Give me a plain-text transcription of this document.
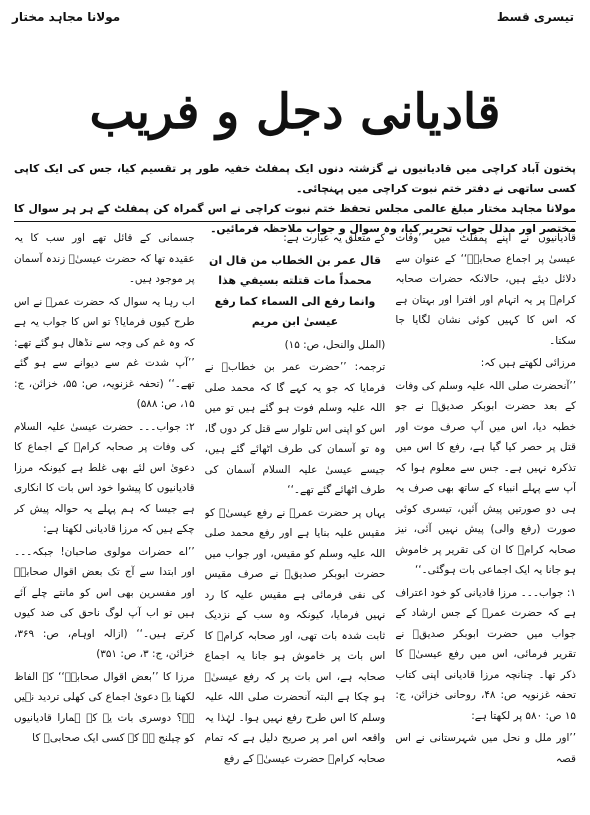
تیسری قسط
مولانا مجاہد مختار
قادیانی دجل و فریب
پختون آباد کراچی میں قادیانیوں نے گزشتہ دنوں ایک پمفلٹ خفیہ طور پر تقسیم کیا، جس کی ایک کاپی کسی ساتھی نے دفتر ختم نبوت کراچی میں پہنچائی۔
مولانا مجاہد مختار مبلغ عالمی مجلس تحفظ ختم نبوت کراچی نے اس گمراہ کن پمفلٹ کے ہر ہر سوال کا مختصر اور مدلل جواب تحریر کیا، وہ سوال و جواب ملاحظہ فرمائیں۔

قادیانیوں نے اپنے پمفلٹ میں ’’وفات عیسیٰ پر اجماع صحابہؓ‘‘ کے عنوان سے دلائل دیئے ہیں، حالانکہ حضرات صحابہ کرامؓ پر یہ اتہام اور افترا اور بہتان ہے کہ اس کا کہیں کوئی نشان لگایا جا سکتا۔

مرزائی لکھتے ہیں کہ:

’’آنحضرت صلی اللہ علیہ وسلم کی وفات کے بعد حضرت ابوبکر صدیقؓ نے جو خطبہ دیا، اس میں آپ صرف موت اور قتل پر حصر کیا گیا ہے، رفع کا اس میں تذکرہ نہیں ہے۔ جس سے معلوم ہوا کہ آپ سے پہلے انبیاء کے ساتھ بھی صرف یہ ہی دو صورتیں پیش آئیں، تیسری کوئی صورت (رفع والی) پیش نہیں آئی، نیز صحابہ کرامؓ کا ان کی تقریر پر خاموش ہو جانا یہ ایک اجماعی بات ہوگئی۔‘‘

۱: جواب۔۔۔ مرزا قادیانی کو خود اعتراف ہے کہ حضرت عمرؓ کے جس ارشاد کے جواب میں حضرت ابوبکر صدیقؓ نے تقریر فرمائی، اس میں رفع عیسیٰؑ کا ذکر تھا۔ چنانچہ مرزا قادیانی اپنی کتاب تحفہ غزنویہ ص: ۴۸، روحانی خزائن، ج: ۱۵ ص: ۵۸۰ پر لکھتا ہے:

’’اور ملل و نحل میں شہرستانی نے اس قصہ

کے متعلق یہ عبارت ہے:

قال عمر بن الخطاب من قال ان محمداً مات قتلته بسيفي هذا وانما رفع الى السماء كما رفع عيسىٰ ابن مريم

(الملل والنحل، ص: ۱۵)

ترجمہ: ’’حضرت عمر بن خطابؓ نے فرمایا کہ جو یہ کہے گا کہ محمد صلی اللہ علیہ وسلم فوت ہو گئے ہیں تو میں اس کو اپنی اس تلوار سے قتل کر دوں گا، وہ تو آسمان کی طرف اٹھائے گئے ہیں، جیسے عیسیٰ علیہ السلام آسمان کی طرف اٹھائے گئے تھے۔‘‘

یہاں پر حضرت عمرؓ نے رفع عیسیٰؑ کو مقیس علیہ بنایا ہے اور رفع محمد صلی اللہ علیہ وسلم کو مقیس، اور جواب میں حضرت ابوبکر صدیقؓ نے صرف مقیس کی نفی فرمائی ہے مقیس علیہ کا رد نہیں فرمایا، کیونکہ وہ سب کے نزدیک ثابت شدہ بات تھی، اور صحابہ کرامؓ کا اس بات پر خاموش ہو جانا یہ اجماع صحابہ ہے، اس بات پر کہ رفع عیسیٰؑ ہو چکا ہے البتہ آنحضرت صلی اللہ علیہ وسلم کا اس طرح رفع نہیں ہوا۔ لہٰذا یہ واقعہ اس امر پر صریح دلیل ہے کہ تمام صحابہ کرامؓ حضرت عیسیٰؑ کے رفع

جسمانی کے قائل تھے اور سب کا یہ عقیدہ تھا کہ حضرت عیسیٰؑ زندہ آسمان پر موجود ہیں۔

اب رہا یہ سوال کہ حضرت عمرؓ نے اس طرح کیوں فرمایا؟ تو اس کا جواب یہ ہے کہ وہ غم کی وجہ سے نڈھال ہو گئے تھے: ’’آپ شدت غم سے دیوانے سے ہو گئے تھے۔‘‘ (تحفہ غزنویہ، ص: ۵۵، خزائن، ج: ۱۵، ص: ۵۸۸)

۲: جواب۔۔۔ حضرت عیسیٰ علیہ السلام کی وفات پر صحابہ کرامؓ کے اجماع کا دعویٰ اس لئے بھی غلط ہے کیونکہ مرزا قادیانیوں کا پیشوا خود اس بات کا انکاری ہے جیسا کہ ہم پہلے یہ حوالہ پیش کر چکے ہیں کہ مرزا قادیانی لکھتا ہے:

’’اے حضرات مولوی صاحبان! جبکہ۔۔۔ اور ابتدا سے آج تک بعض اقوال صحابہؓ اور مفسرین بھی اس کو مانتے چلے آئے ہیں تو اب آپ لوگ ناحق کی ضد کیوں کرتے ہیں۔‘‘ (ازالہ اوہام، ص: ۳۶۹، خزائن، ج: ۳، ص: ۳۵۱)

مرزا کا ’’بعض اقوال صحابہؓ‘‘ کے الفاظ لکھنا یہ دعویٰ اجماع کی کھلی تردید نہیں ہے؟ دوسری بات یہ کہ ہمارا قادیانیوں کو چیلنج ہے کہ کسی ایک صحابیؓ کا
